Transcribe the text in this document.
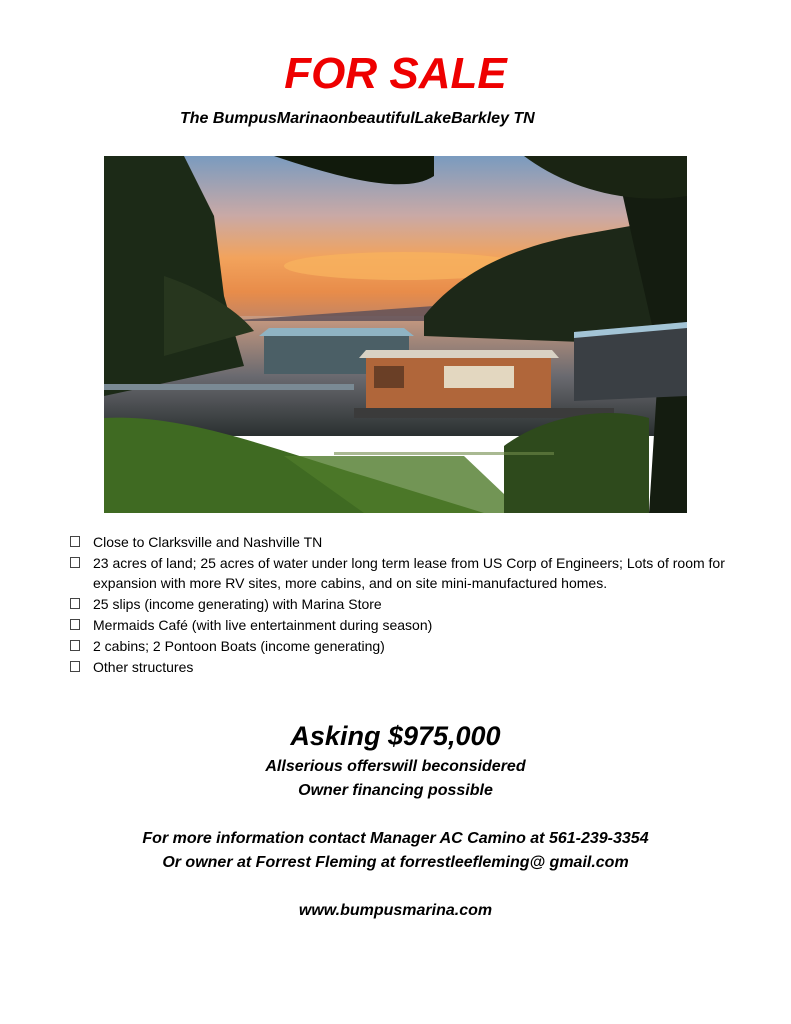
FOR SALE

The BumpusMarinaonbeautifulLakeBarkley TN

Close to Clarksville and Nashville TN
23 acres of land; 25 acres of water under long term lease from US Corp of Engineers; Lots of room for expansion with more RV sites, more cabins, and on site mini-manufactured homes.
25 slips (income generating) with Marina Store
Mermaids Café (with live entertainment during season)
2 cabins; 2 Pontoon Boats (income generating)
Other structures

Asking $975,000

Allserious offerswill beconsidered

Owner financing possible

For more information contact Manager AC Camino at 561-239-3354

Or owner at Forrest Fleming at forrestleefleming@ gmail.com

www.bumpusmarina.com
